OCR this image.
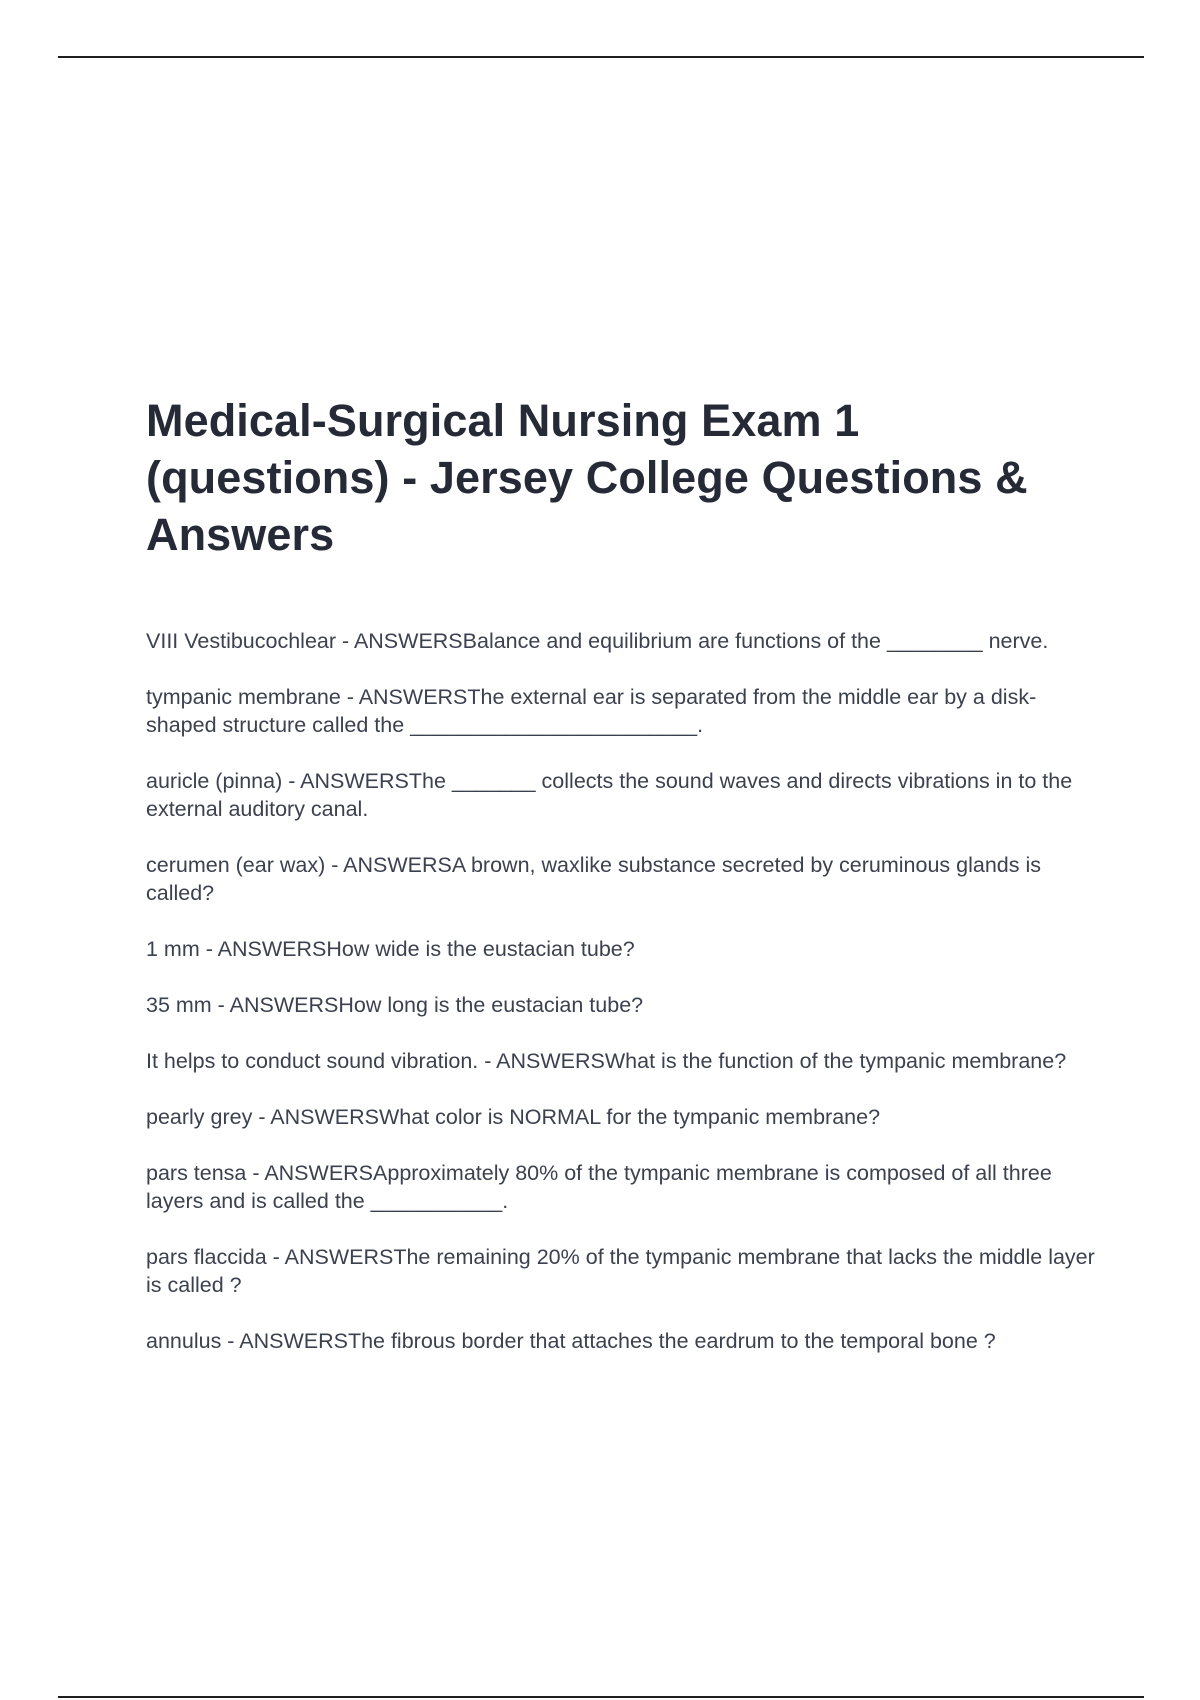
Medical-Surgical Nursing Exam 1 (questions) - Jersey College Questions & Answers
VIII Vestibucochlear - ANSWERSBalance and equilibrium are functions of the ________ nerve.
tympanic membrane - ANSWERSThe external ear is separated from the middle ear by a disk-shaped structure called the ________________________.
auricle (pinna) - ANSWERSThe _______ collects the sound waves and directs vibrations in to the external auditory canal.
cerumen (ear wax) - ANSWERSA brown, waxlike substance secreted by ceruminous glands is called?
1 mm - ANSWERSHow wide is the eustacian tube?
35 mm - ANSWERSHow long is the eustacian tube?
It helps to conduct sound vibration. - ANSWERSWhat is the function of the tympanic membrane?
pearly grey - ANSWERSWhat color is NORMAL for the tympanic membrane?
pars tensa - ANSWERSApproximately 80% of the tympanic membrane is composed of all three layers and is called the ___________.
pars flaccida - ANSWERSThe remaining 20% of the tympanic membrane that lacks the middle layer is called ?
annulus - ANSWERSThe fibrous border that attaches the eardrum to the temporal bone ?
